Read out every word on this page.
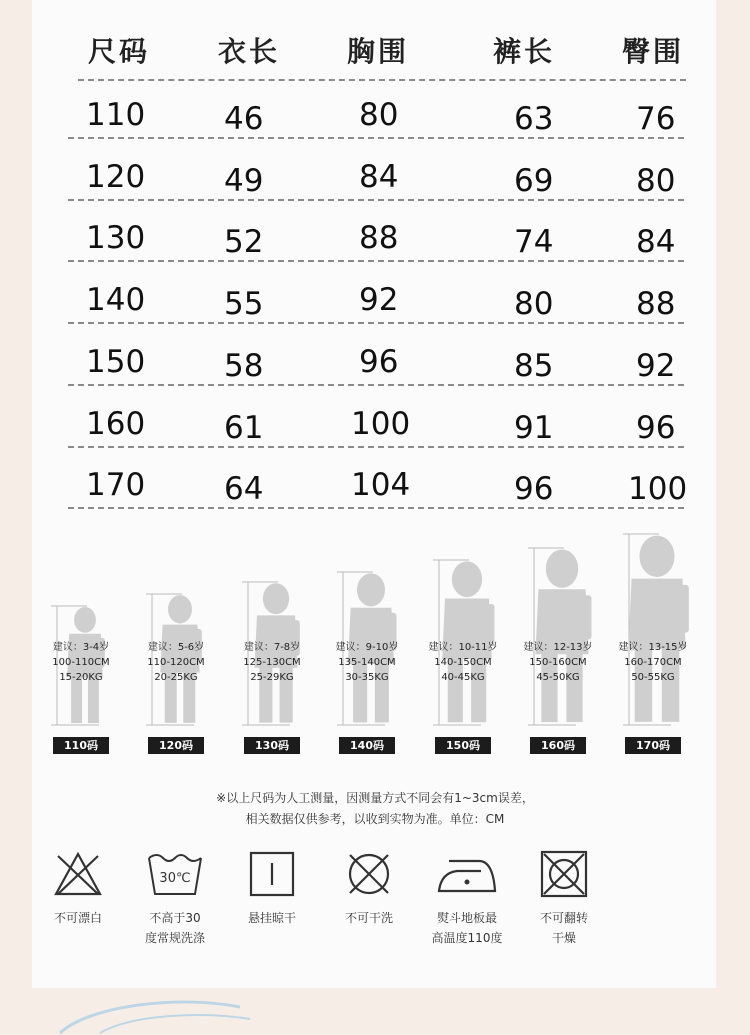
尺码 衣长 胸围	裤长 臀围
110	46	80	63	76
120	49	84	69	80
130	52	88	74	84
140	55	92	80	88
150	58	96	85	92
160	61	100	91	96
170	64	104	96 100
建议：3-4岁
100-110CM
15-20KG
110码
建议：5-6岁
110-120CM
20-25KG
120码
建议：7-8岁
125-130CM
25-29KG
130码
建议：9-10岁
135-140CM
30-35KG
140码
建议：10-11岁
140-150CM
40-45KG
150码
建议：12-13岁
150-160CM
45-50KG
160码
建议：13-15岁
160-170CM
50-55KG
170码
※以上尺码为人工测量，因测量方式不同会有1~3cm误差，
相关数据仅供参考，以收到实物为准。单位：CM
不可漂白
30℃
不高于30
度常规洗涤
悬挂晾干	不可干洗	熨斗地板最
高温度110度
不可翻转
干燥
